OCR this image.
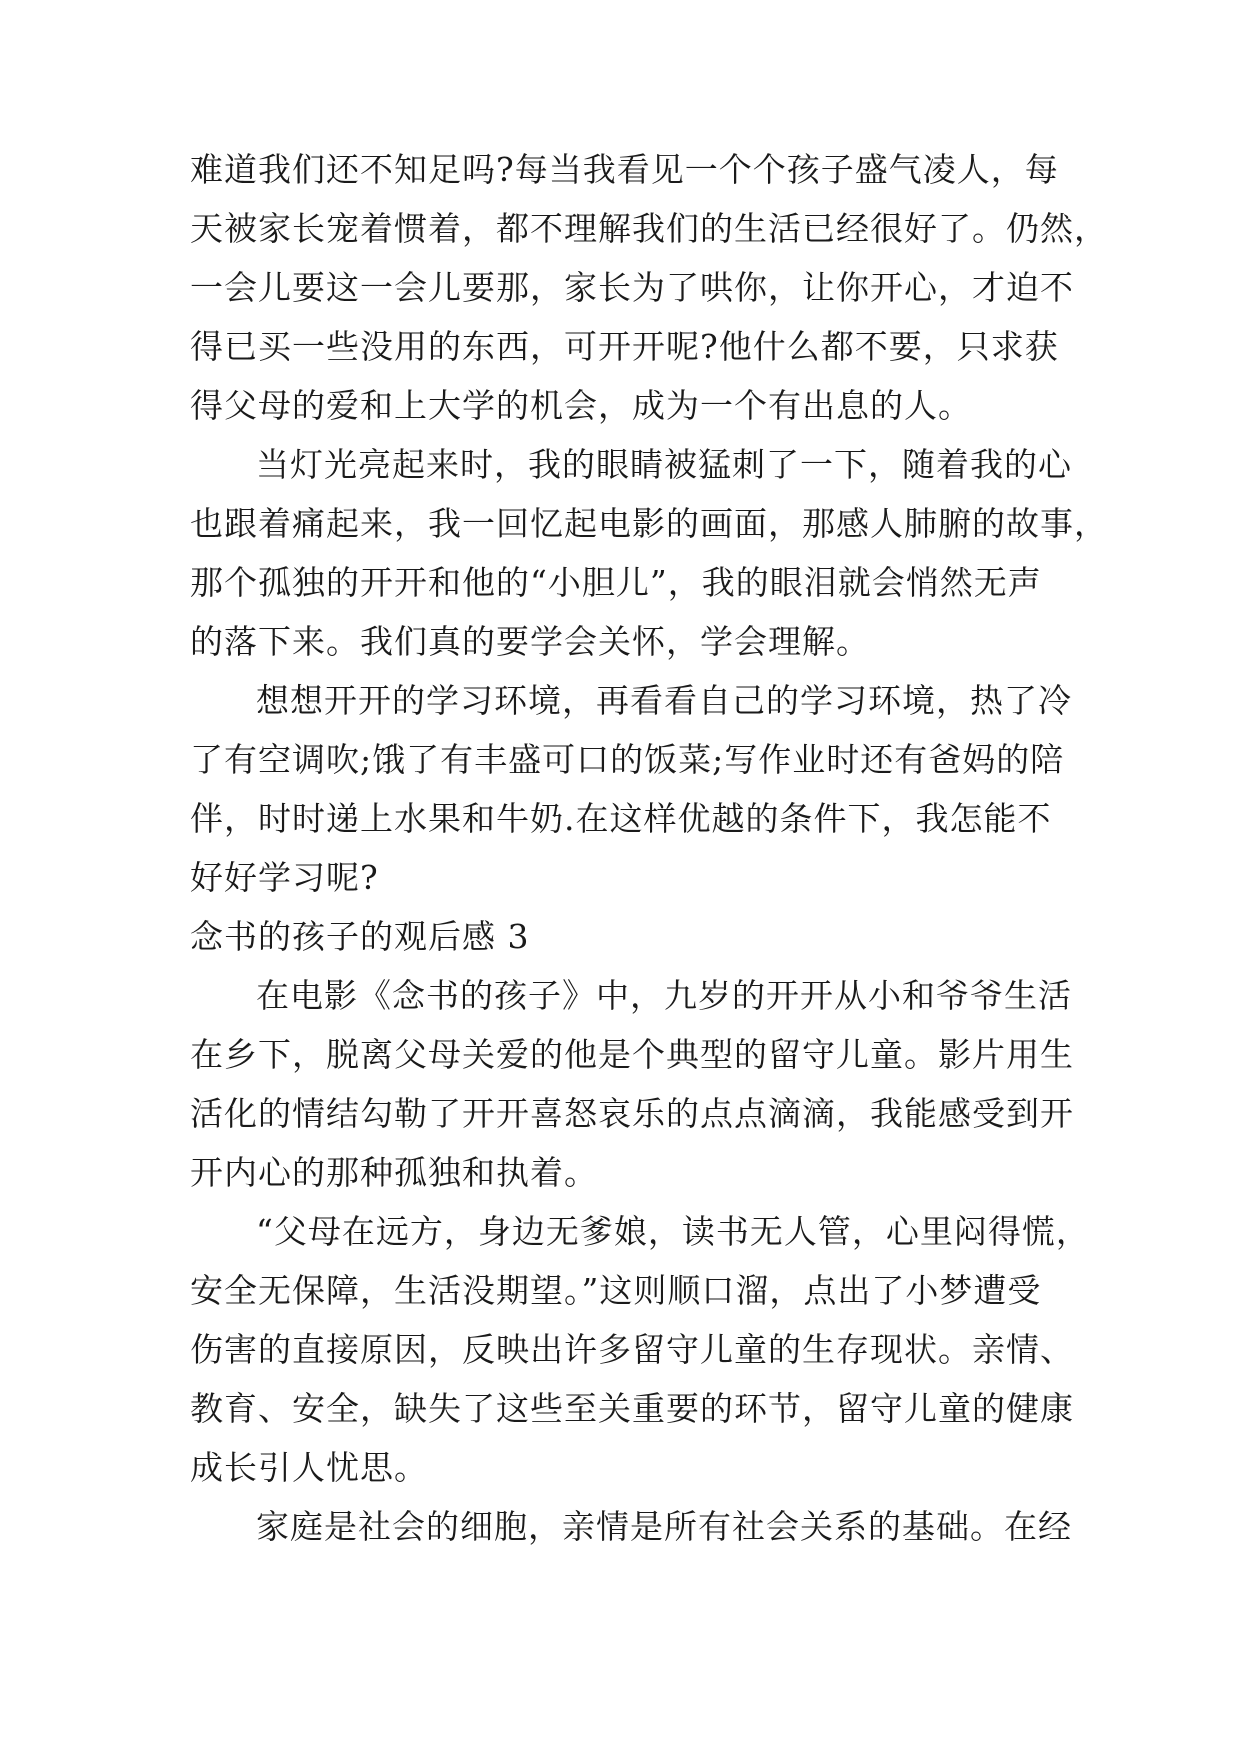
难道我们还不知足吗?每当我看见一个个孩子盛气凌人，每
天被家长宠着惯着，都不理解我们的生活已经很好了。仍然，
一会儿要这一会儿要那，家长为了哄你，让你开心，才迫不
得已买一些没用的东西，可开开呢?他什么都不要，只求获
得父母的爱和上大学的机会，成为一个有出息的人。
当灯光亮起来时，我的眼睛被猛刺了一下，随着我的心
也跟着痛起来，我一回忆起电影的画面，那感人肺腑的故事，
那个孤独的开开和他的“小胆儿”，我的眼泪就会悄然无声
的落下来。我们真的要学会关怀，学会理解。
想想开开的学习环境，再看看自己的学习环境，热了冷
了有空调吹;饿了有丰盛可口的饭菜;写作业时还有爸妈的陪
伴，时时递上水果和牛奶.在这样优越的条件下，我怎能不
好好学习呢?
念书的孩子的观后感 3
在电影《念书的孩子》中，九岁的开开从小和爷爷生活
在乡下，脱离父母关爱的他是个典型的留守儿童。影片用生
活化的情结勾勒了开开喜怒哀乐的点点滴滴，我能感受到开
开内心的那种孤独和执着。
“父母在远方，身边无爹娘，读书无人管，心里闷得慌，
安全无保障，生活没期望。”这则顺口溜，点出了小梦遭受
伤害的直接原因，反映出许多留守儿童的生存现状。亲情、
教育、安全，缺失了这些至关重要的环节，留守儿童的健康
成长引人忧思。
家庭是社会的细胞，亲情是所有社会关系的基础。在经
